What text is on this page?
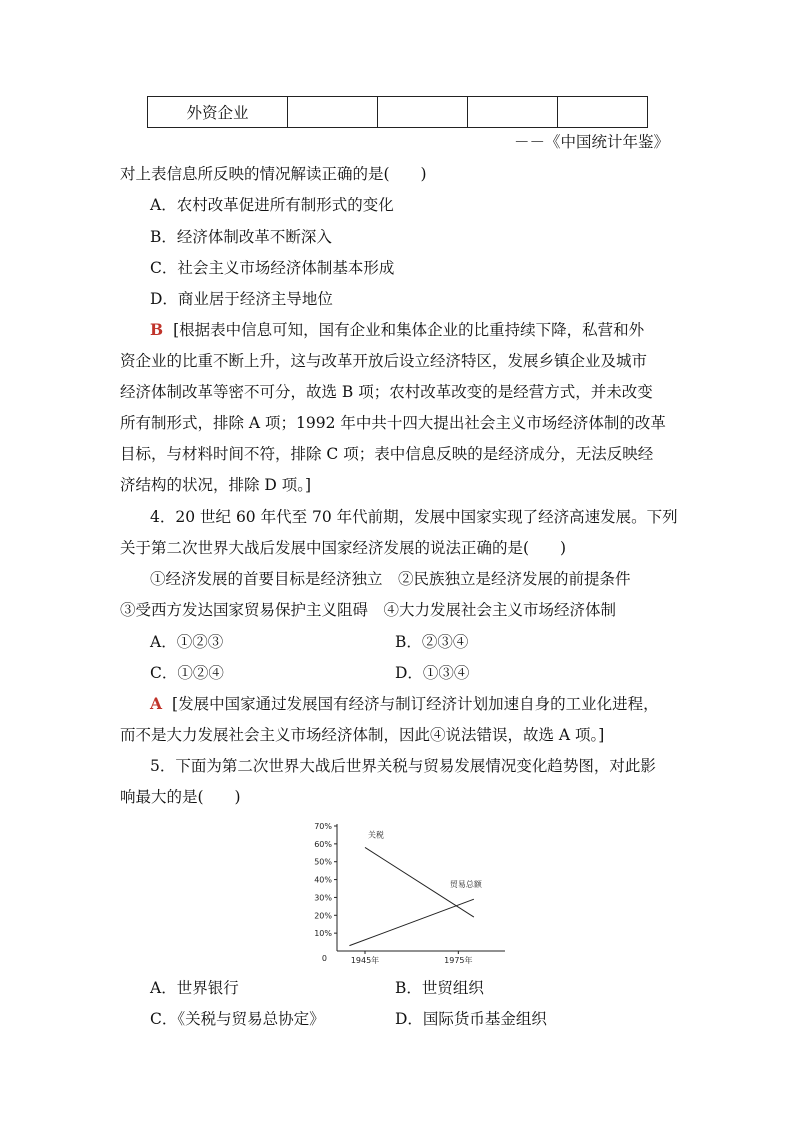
外资企业				
－－《中国统计年鉴》
对上表信息所反映的情况解读正确的是(　　)
A．农村改革促进所有制形式的变化
B．经济体制改革不断深入
C．社会主义市场经济体制基本形成
D．商业居于经济主导地位
B [根据表中信息可知，国有企业和集体企业的比重持续下降，私营和外
资企业的比重不断上升，这与改革开放后设立经济特区，发展乡镇企业及城市
经济体制改革等密不可分，故选 B 项；农村改革改变的是经营方式，并未改变
所有制形式，排除 A 项；1992 年中共十四大提出社会主义市场经济体制的改革
目标，与材料时间不符，排除 C 项；表中信息反映的是经济成分，无法反映经
济结构的状况，排除 D 项。]
4．20 世纪 60 年代至 70 年代前期，发展中国家实现了经济高速发展。下列
关于第二次世界大战后发展中国家经济发展的说法正确的是(　　)
①经济发展的首要目标是经济独立　②民族独立是经济发展的前提条件
③受西方发达国家贸易保护主义阻碍　④大力发展社会主义市场经济体制
A．①②③	B．②③④
C．①②④	D．①③④
A [发展中国家通过发展国有经济与制订经济计划加速自身的工业化进程，
而不是大力发展社会主义市场经济体制，因此④说法错误，故选 A 项。]
5．下面为第二次世界大战后世界关税与贸易发展情况变化趋势图，对此影
响最大的是(　　)
10%
20%
30%
40%
50%
60%
70%
0	1945年	1975年
关税
贸易总额
A．世界银行	B．世贸组织
C．《关税与贸易总协定》	D．国际货币基金组织
